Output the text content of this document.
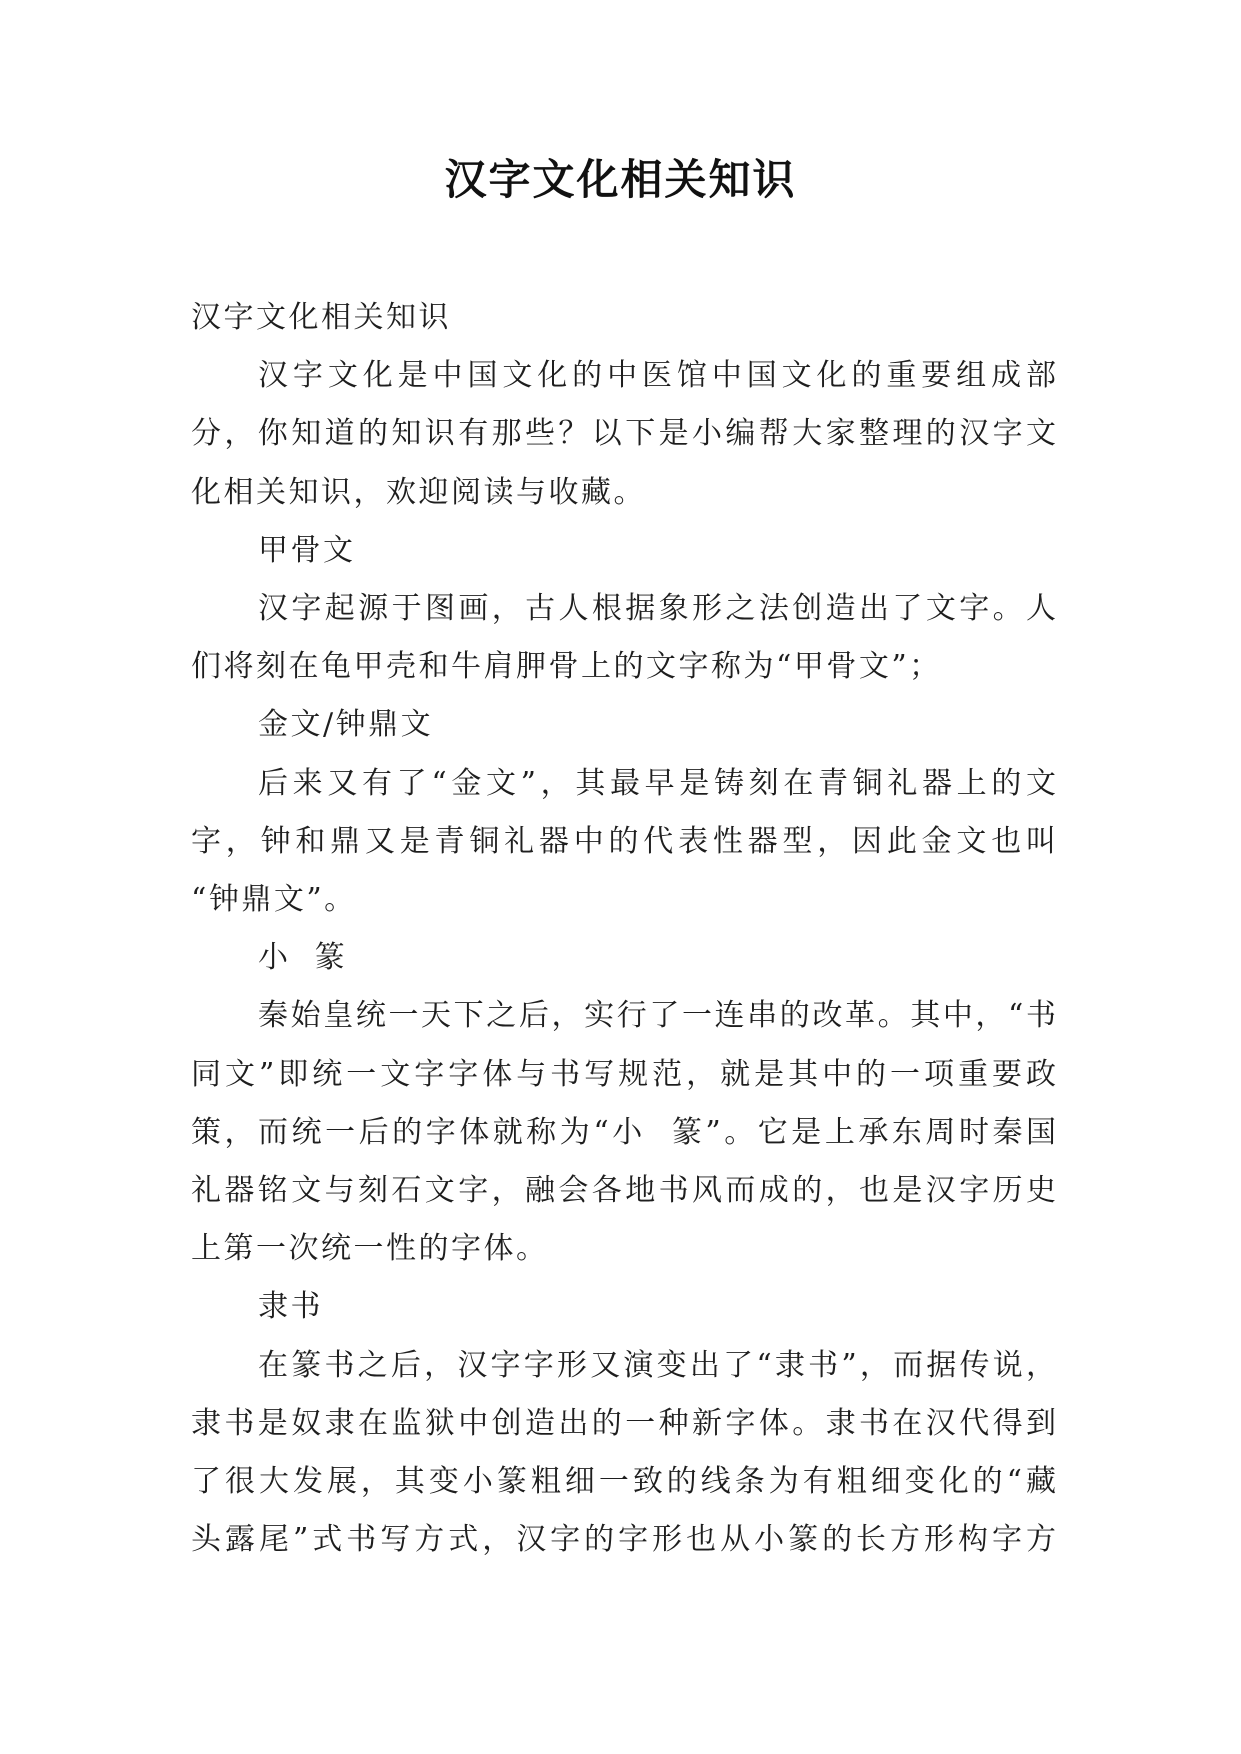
汉字文化相关知识
汉字文化相关知识
汉字文化是中国文化的中医馆中国文化的重要组成部
分，你知道的知识有那些？以下是小编帮大家整理的汉字文
化相关知识，欢迎阅读与收藏。
甲骨文
汉字起源于图画，古人根据象形之法创造出了文字。人
们将刻在龟甲壳和牛肩胛骨上的文字称为“甲骨文”；
金文/钟鼎文
后来又有了“金文”，其最早是铸刻在青铜礼器上的文
字，钟和鼎又是青铜礼器中的代表性器型，因此金文也叫
“钟鼎文”。
小  篆
秦始皇统一天下之后，实行了一连串的改革。其中，“书
同文”即统一文字字体与书写规范，就是其中的一项重要政
策，而统一后的字体就称为“小  篆”。它是上承东周时秦国
礼器铭文与刻石文字，融会各地书风而成的，也是汉字历史
上第一次统一性的字体。
隶书
在篆书之后，汉字字形又演变出了“隶书”，而据传说，
隶书是奴隶在监狱中创造出的一种新字体。隶书在汉代得到
了很大发展，其变小篆粗细一致的线条为有粗细变化的“藏
头露尾”式书写方式，汉字的字形也从小篆的长方形构字方
